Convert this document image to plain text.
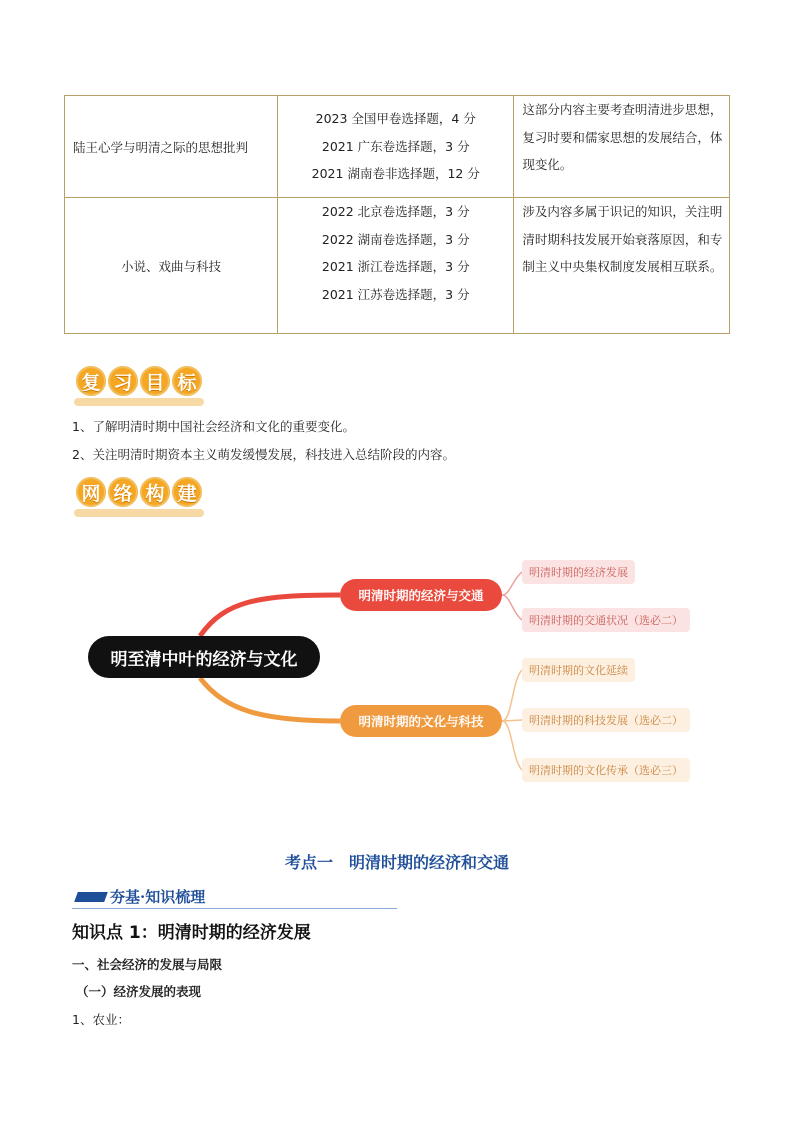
陆王心学与明清之际的思想批判	2023 全国甲卷选择题，4 分
2021 广东卷选择题，3 分
2021 湖南卷非选择题，12 分	这部分内容主要考查明清进步思想，复习时要和儒家思想的发展结合，体现变化。
小说、戏曲与科技	2022 北京卷选择题，3 分
2022 湖南卷选择题，3 分
2021 浙江卷选择题，3 分
2021 江苏卷选择题，3 分	涉及内容多属于识记的知识，关注明清时期科技发展开始衰落原因，和专制主义中央集权制度发展相互联系。
复 习 目 标
1、了解明清时期中国社会经济和文化的重要变化。
2、关注明清时期资本主义萌发缓慢发展，科技进入总结阶段的内容。
网 络 构 建
明至清中叶的经济与文化
明清时期的经济与交通
明清时期的文化与科技
明清时期的经济发展
明清时期的交通状况（选必二）
明清时期的文化延续
明清时期的科技发展（选必二）
明清时期的文化传承（选必三）
考点一　明清时期的经济和交通
夯基·知识梳理
知识点 1：明清时期的经济发展
一、社会经济的发展与局限
（一）经济发展的表现
1、农业：
